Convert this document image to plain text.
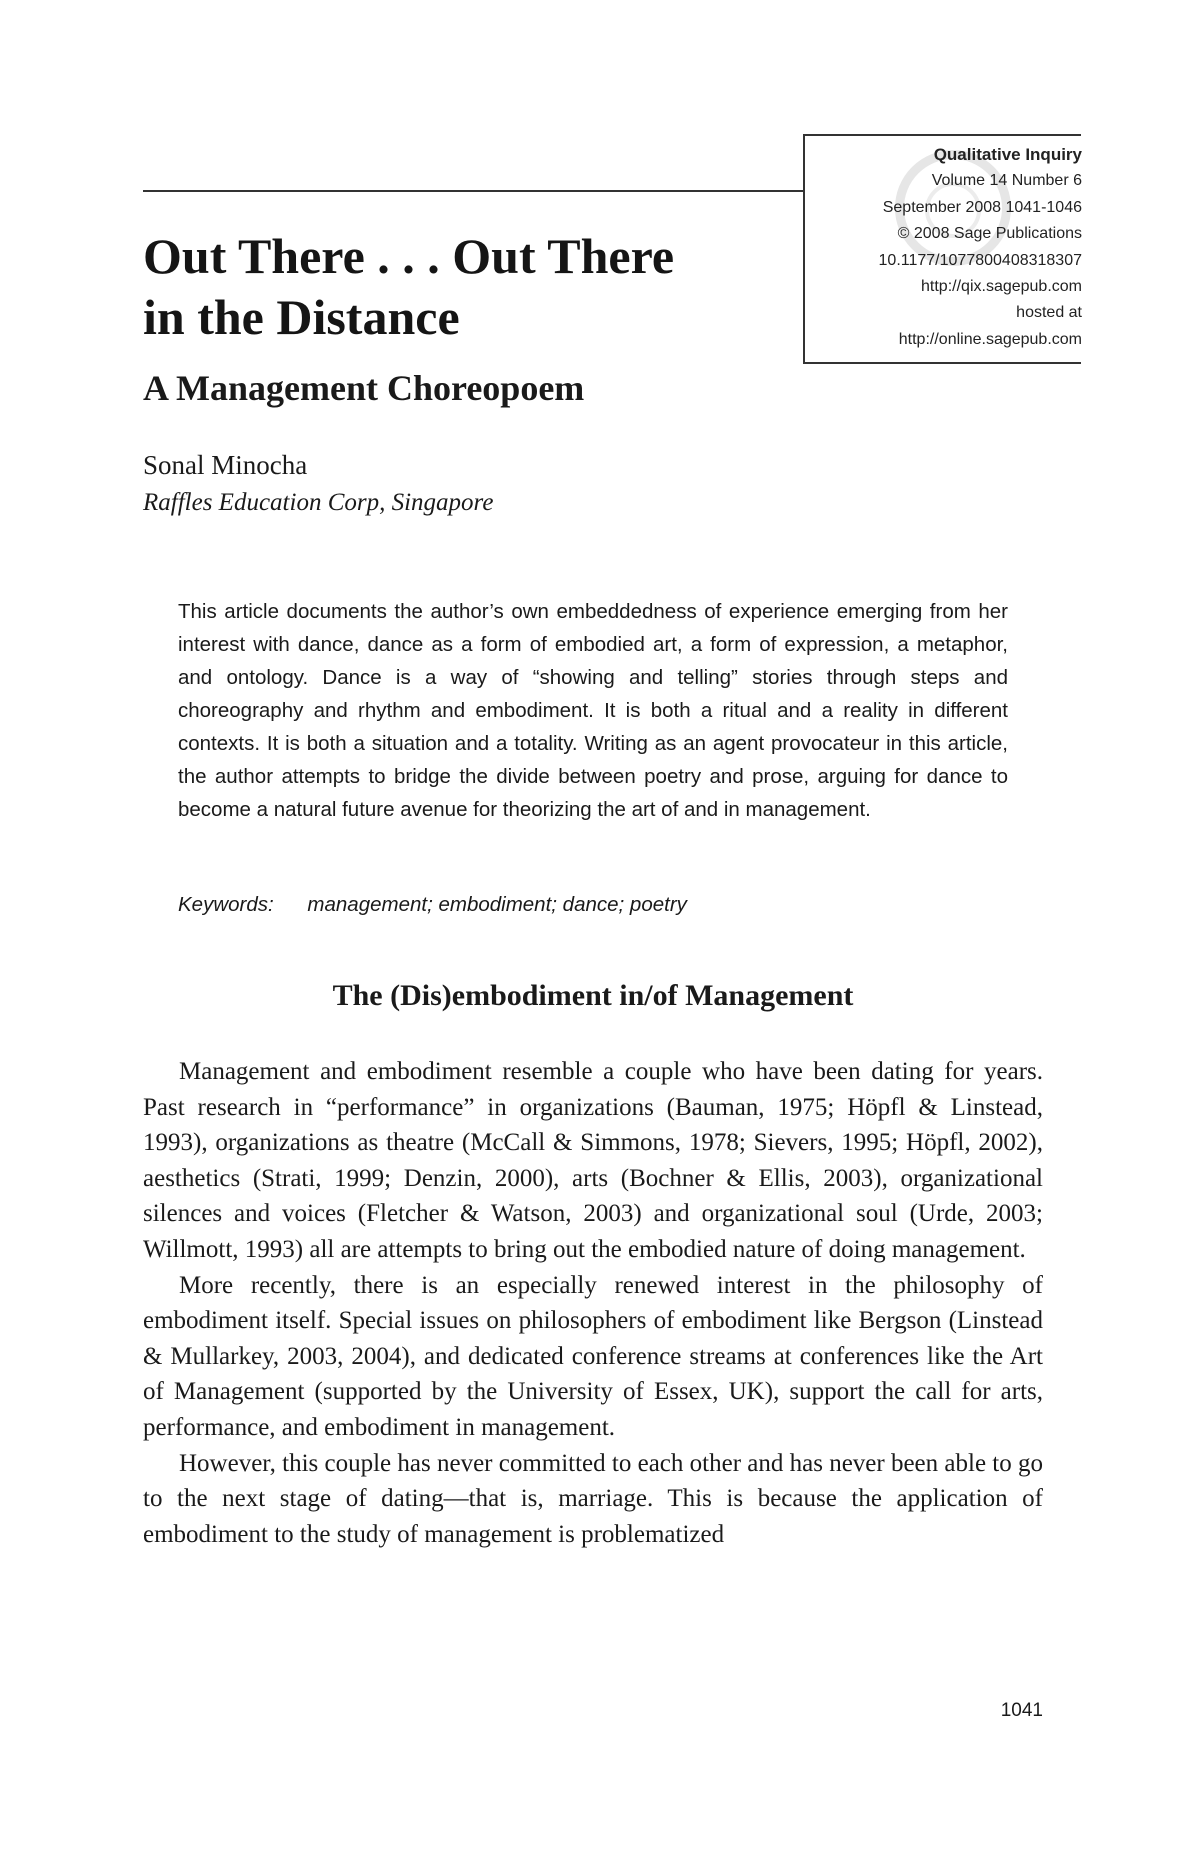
Qualitative Inquiry
Volume 14 Number 6
September 2008 1041-1046
© 2008 Sage Publications
10.1177/1077800408318307
http://qix.sagepub.com
hosted at
http://online.sagepub.com
Out There . . . Out There
in the Distance
A Management Choreopoem
Sonal Minocha
Raffles Education Corp, Singapore

This article documents the author’s own embeddedness of experience emerging from her interest with dance, dance as a form of embodied art, a form of expression, a metaphor, and ontology. Dance is a way of “showing and telling” stories through steps and choreography and rhythm and embodiment. It is both a ritual and a reality in different contexts. It is both a situation and a totality. Writing as an agent provocateur in this article, the author attempts to bridge the divide between poetry and prose, arguing for dance to become a natural future avenue for theorizing the art of and in management.

Keywords: management; embodiment; dance; poetry
The (Dis)embodiment in/of Management

Management and embodiment resemble a couple who have been dating for years. Past research in “performance” in organizations (Bauman, 1975; Höpfl & Linstead, 1993), organizations as theatre (McCall & Simmons, 1978; Sievers, 1995; Höpfl, 2002), aesthetics (Strati, 1999; Denzin, 2000), arts (Bochner & Ellis, 2003), organizational silences and voices (Fletcher & Watson, 2003) and organizational soul (Urde, 2003; Willmott, 1993) all are attempts to bring out the embodied nature of doing management.

More recently, there is an especially renewed interest in the philosophy of embodiment itself. Special issues on philosophers of embodiment like Bergson (Linstead & Mullarkey, 2003, 2004), and dedicated conference streams at conferences like the Art of Management (supported by the University of Essex, UK), support the call for arts, performance, and embodiment in management.

However, this couple has never committed to each other and has never been able to go to the next stage of dating—that is, marriage. This is because the application of embodiment to the study of management is problematized

1041
